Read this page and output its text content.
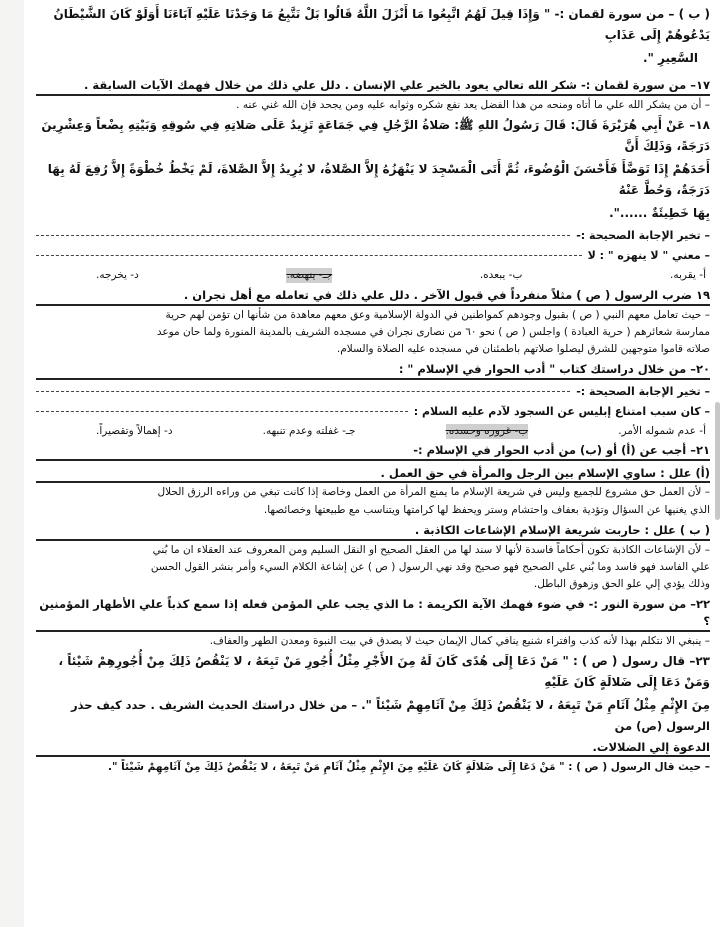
( ب ) – من سورة لقمان :- " وَإِذَا قِيلَ لَهُمُ اتَّبِعُوا مَا أَنْزَلَ اللَّهُ قَالُوا بَلْ نَتَّبِعُ مَا وَجَدْنَا عَلَيْهِ آبَاءَنَا أَوَلَوْ كَانَ الشَّيْطَانُ يَدْعُوهُمْ إِلَى عَذَابِ

السَّعِيرِ ".

١٧– من سورة لقمان :- شكر الله تعالي يعود بالخير علي الإنسان . دلل علي ذلك من خلال فهمك الآيات السابقة .

– أن من يشكر الله علي ما أتاه ومنحه من هذا الفضل يعد نفع شكره وثوابه عليه ومن يجحد فإن الله غني عنه .

١٨– عَنْ أَبِي هُرَيْرَةَ قَالَ: قَالَ رَسُولُ اللهِ ﷺ: صَلاةُ الرَّجُلِ فِي جَمَاعَةٍ تَزِيدُ عَلَى صَلاتِهِ فِي سُوقِهِ وَبَيْتِهِ بِضْعاً وَعِشْرِينَ دَرَجَةً، وَذَلِكَ أَنَّ

أَحَدَهُمْ إِذَا تَوَضَّأَ فَأَحْسَنَ الْوُضُوءَ، ثُمَّ أَتَى الْمَسْجِدَ لا يَنْهَزُهُ إِلاَّ الصَّلاةُ، لا يُرِيدُ إِلاَّ الصَّلاةَ، لَمْ يَخْطُ خُطْوَةً إِلاَّ رُفِعَ لَهُ بِهَا دَرَجَةٌ، وَحُطَّ عَنْهُ

بِهَا خَطِيئَةٌ ......".

– تخير الإجابة الصحيحة :-
– معني " لا ينهزه " : لا
أ- يقربه.
ب- يبعده.
جـ- ينهضه.
د- يخرجه.

١٩ ضرب الرسول ( ص ) مثلاً منفرداً في قبول الآخر . دلل علي ذلك في تعامله مع أهل نجران .

– حيث تعامل معهم النبي ( ص ) بقبول وجودهم كمواطنين في الدولة الإسلامية وعق معهم معاهدة من شأنها ان تؤمن لهم حرية

ممارسة شعائرهم ( حرية العبادة ) واجلس ( ص ) نحو ٦٠ من نصارى نجران في مسجده الشريف بالمدينة المنورة ولما حان موعد

صلاته قاموا متوجهين للشرق ليصلوا صلاتهم باطمئنان في مسجده عليه الصلاة والسلام.

٢٠– من خلال دراستك كتاب " أدب الحوار في الإسلام " :

– تخير الإجابة الصحيحة :-
– كان سبب امتناع إبليس عن السجود لآدم عليه السلام :
أ- عدم شموله الأمر.
ب- غروره وحسده.
جـ- غفلته وعدم تنبهه.
د- إهمالاً وتقصيراً.

٢١– أجب عن (أ) أو (ب) من أدب الحوار في الإسلام :-

(أ) علل : ساوي الإسلام بين الرجل والمرأة في حق العمل .

– لأن العمل حق مشروع للجميع وليس في شريعة الإسلام ما يمنع المرأة من العمل وخاصة إذا كانت تبغي من وراءه الرزق الحلال

الذي يغنيها عن السؤال وتؤدية بعفاف واحتشام وستر ويحفظ لها كرامتها ويتناسب مع طبيعتها وخصائصها.

( ب ) علل : حاربت شريعة الإسلام الإشاعات الكاذبة .

– لأن الإشاعات الكاذبة تكون أحكاماً فاسدة لأنها لا سند لها من العقل الصحيح او النقل السليم ومن المعروف عند العقلاء ان ما بُني

علي الفاسد فهو فاسد وما بُني علي الصحيح فهو صحيح وقد نهي الرسول ( ص ) عن إشاعة الكلام السيء وأمر بنشر القول الحسن

وذلك يؤدي إلي علو الحق وزهوق الباطل.

٢٢– من سورة النور :- في ضوء فهمك الآية الكريمة : ما الذي يجب علي المؤمن فعله إذا سمع كذباً علي الأطهار المؤمنين ؟

– ينبغي الا نتكلم بهذا لأنه كذب وافتراء شنيع ينافي كمال الإيمان حيث لا يصدق في بيت النبوة ومعدن الطهر والعفاف.

٢٣– قال رسول ( ص ) : " مَنْ دَعَا إِلَى هُدًى كَانَ لَهُ مِنَ الأَجْرِ مِثْلُ أُجُورِ مَنْ تَبِعَهُ ، لا يَنْقُصُ ذَلِكَ مِنْ أُجُورِهِمْ شَيْئاً ، وَمَنْ دَعَا إِلَى ضَلالَةٍ كَانَ عَلَيْهِ

مِنَ الإِثْمِ مِثْلُ آثَامِ مَنْ تَبِعَهُ ، لا يَنْقُصُ ذَلِكَ مِنْ آثَامِهِمْ شَيْئاً ". – من خلال دراستك الحديث الشريف . حدد كيف حذر الرسول (ص) من

الدعوة إلي الضلالات.

– حيث قال الرسول ( ص ) : " مَنْ دَعَا إِلَى ضَلالَةٍ كَانَ عَلَيْهِ مِنَ الإِثْمِ مِثْلُ آثَامِ مَنْ تَبِعَهُ ، لا يَنْقُصُ ذَلِكَ مِنْ آثَامِهِمْ شَيْئاً ".
